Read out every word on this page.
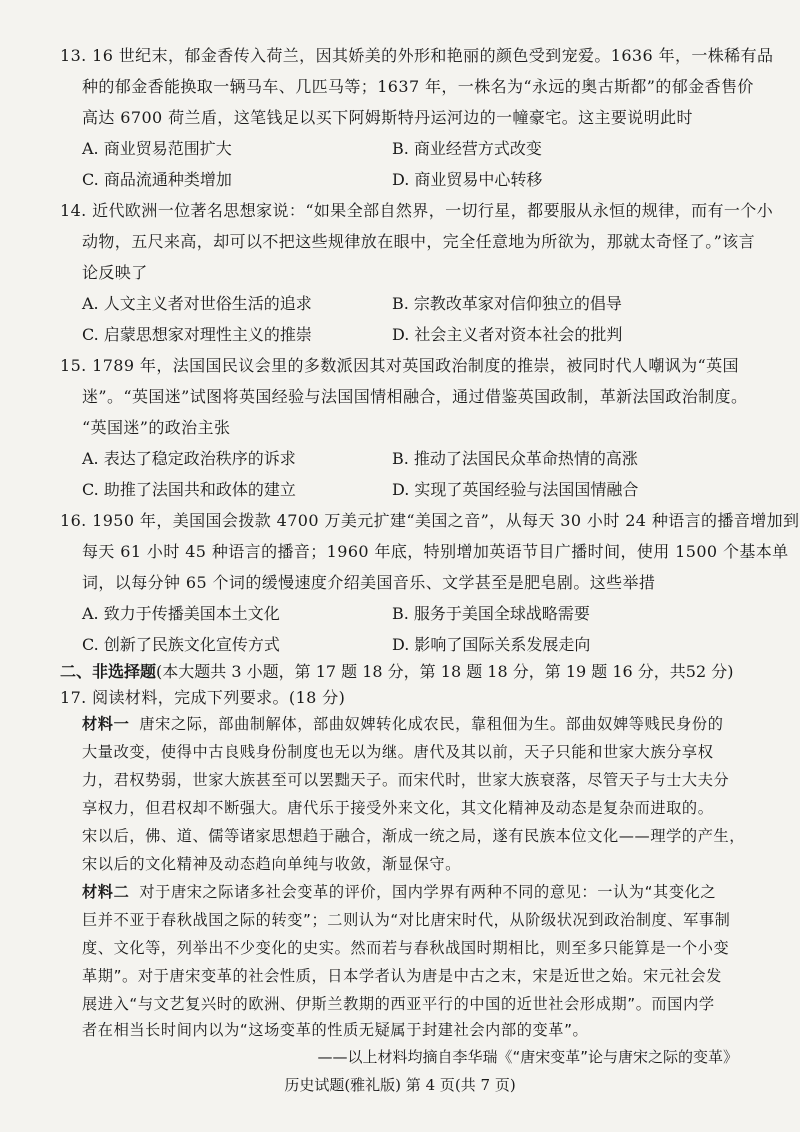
13. 16 世纪末，郁金香传入荷兰，因其娇美的外形和艳丽的颜色受到宠爱。1636 年，一株稀有品
种的郁金香能换取一辆马车、几匹马等；1637 年，一株名为“永远的奥古斯都”的郁金香售价
高达 6700 荷兰盾，这笔钱足以买下阿姆斯特丹运河边的一幢豪宅。这主要说明此时
A. 商业贸易范围扩大	B. 商业经营方式改变
C. 商品流通种类增加	D. 商业贸易中心转移
14. 近代欧洲一位著名思想家说：“如果全部自然界，一切行星，都要服从永恒的规律，而有一个小
动物，五尺来高，却可以不把这些规律放在眼中，完全任意地为所欲为，那就太奇怪了。”该言
论反映了
A. 人文主义者对世俗生活的追求	B. 宗教改革家对信仰独立的倡导
C. 启蒙思想家对理性主义的推崇	D. 社会主义者对资本社会的批判
15. 1789 年，法国国民议会里的多数派因其对英国政治制度的推崇，被同时代人嘲讽为“英国
迷”。“英国迷”试图将英国经验与法国国情相融合，通过借鉴英国政制，革新法国政治制度。
“英国迷”的政治主张
A. 表达了稳定政治秩序的诉求	B. 推动了法国民众革命热情的高涨
C. 助推了法国共和政体的建立	D. 实现了英国经验与法国国情融合
16. 1950 年，美国国会拨款 4700 万美元扩建“美国之音”，从每天 30 小时 24 种语言的播音增加到
每天 61 小时 45 种语言的播音；1960 年底，特别增加英语节目广播时间，使用 1500 个基本单
词，以每分钟 65 个词的缓慢速度介绍美国音乐、文学甚至是肥皂剧。这些举措
A. 致力于传播美国本土文化	B. 服务于美国全球战略需要
C. 创新了民族文化宣传方式	D. 影响了国际关系发展走向
二、非选择题(本大题共 3 小题，第 17 题 18 分，第 18 题 18 分，第 19 题 16 分，共52 分)
17. 阅读材料，完成下列要求。(18 分)
材料一 唐宋之际，部曲制解体，部曲奴婢转化成农民，靠租佃为生。部曲奴婢等贱民身份的
大量改变，使得中古良贱身份制度也无以为继。唐代及其以前，天子只能和世家大族分享权
力，君权势弱，世家大族甚至可以罢黜天子。而宋代时，世家大族衰落，尽管天子与士大夫分
享权力，但君权却不断强大。唐代乐于接受外来文化，其文化精神及动态是复杂而进取的。
宋以后，佛、道、儒等诸家思想趋于融合，渐成一统之局，遂有民族本位文化——理学的产生，
宋以后的文化精神及动态趋向单纯与收敛，渐显保守。
材料二 对于唐宋之际诸多社会变革的评价，国内学界有两种不同的意见：一认为“其变化之
巨并不亚于春秋战国之际的转变”；二则认为“对比唐宋时代，从阶级状况到政治制度、军事制
度、文化等，列举出不少变化的史实。然而若与春秋战国时期相比，则至多只能算是一个小变
革期”。对于唐宋变革的社会性质，日本学者认为唐是中古之末，宋是近世之始。宋元社会发
展进入“与文艺复兴时的欧洲、伊斯兰教期的西亚平行的中国的近世社会形成期”。而国内学
历史试题(雅礼版) 第 4 页(共 7 页)
者在相当长时间内以为“这场变革的性质无疑属于封建社会内部的变革”。
——以上材料均摘自李华瑞《“唐宋变革”论与唐宋之际的变革》
